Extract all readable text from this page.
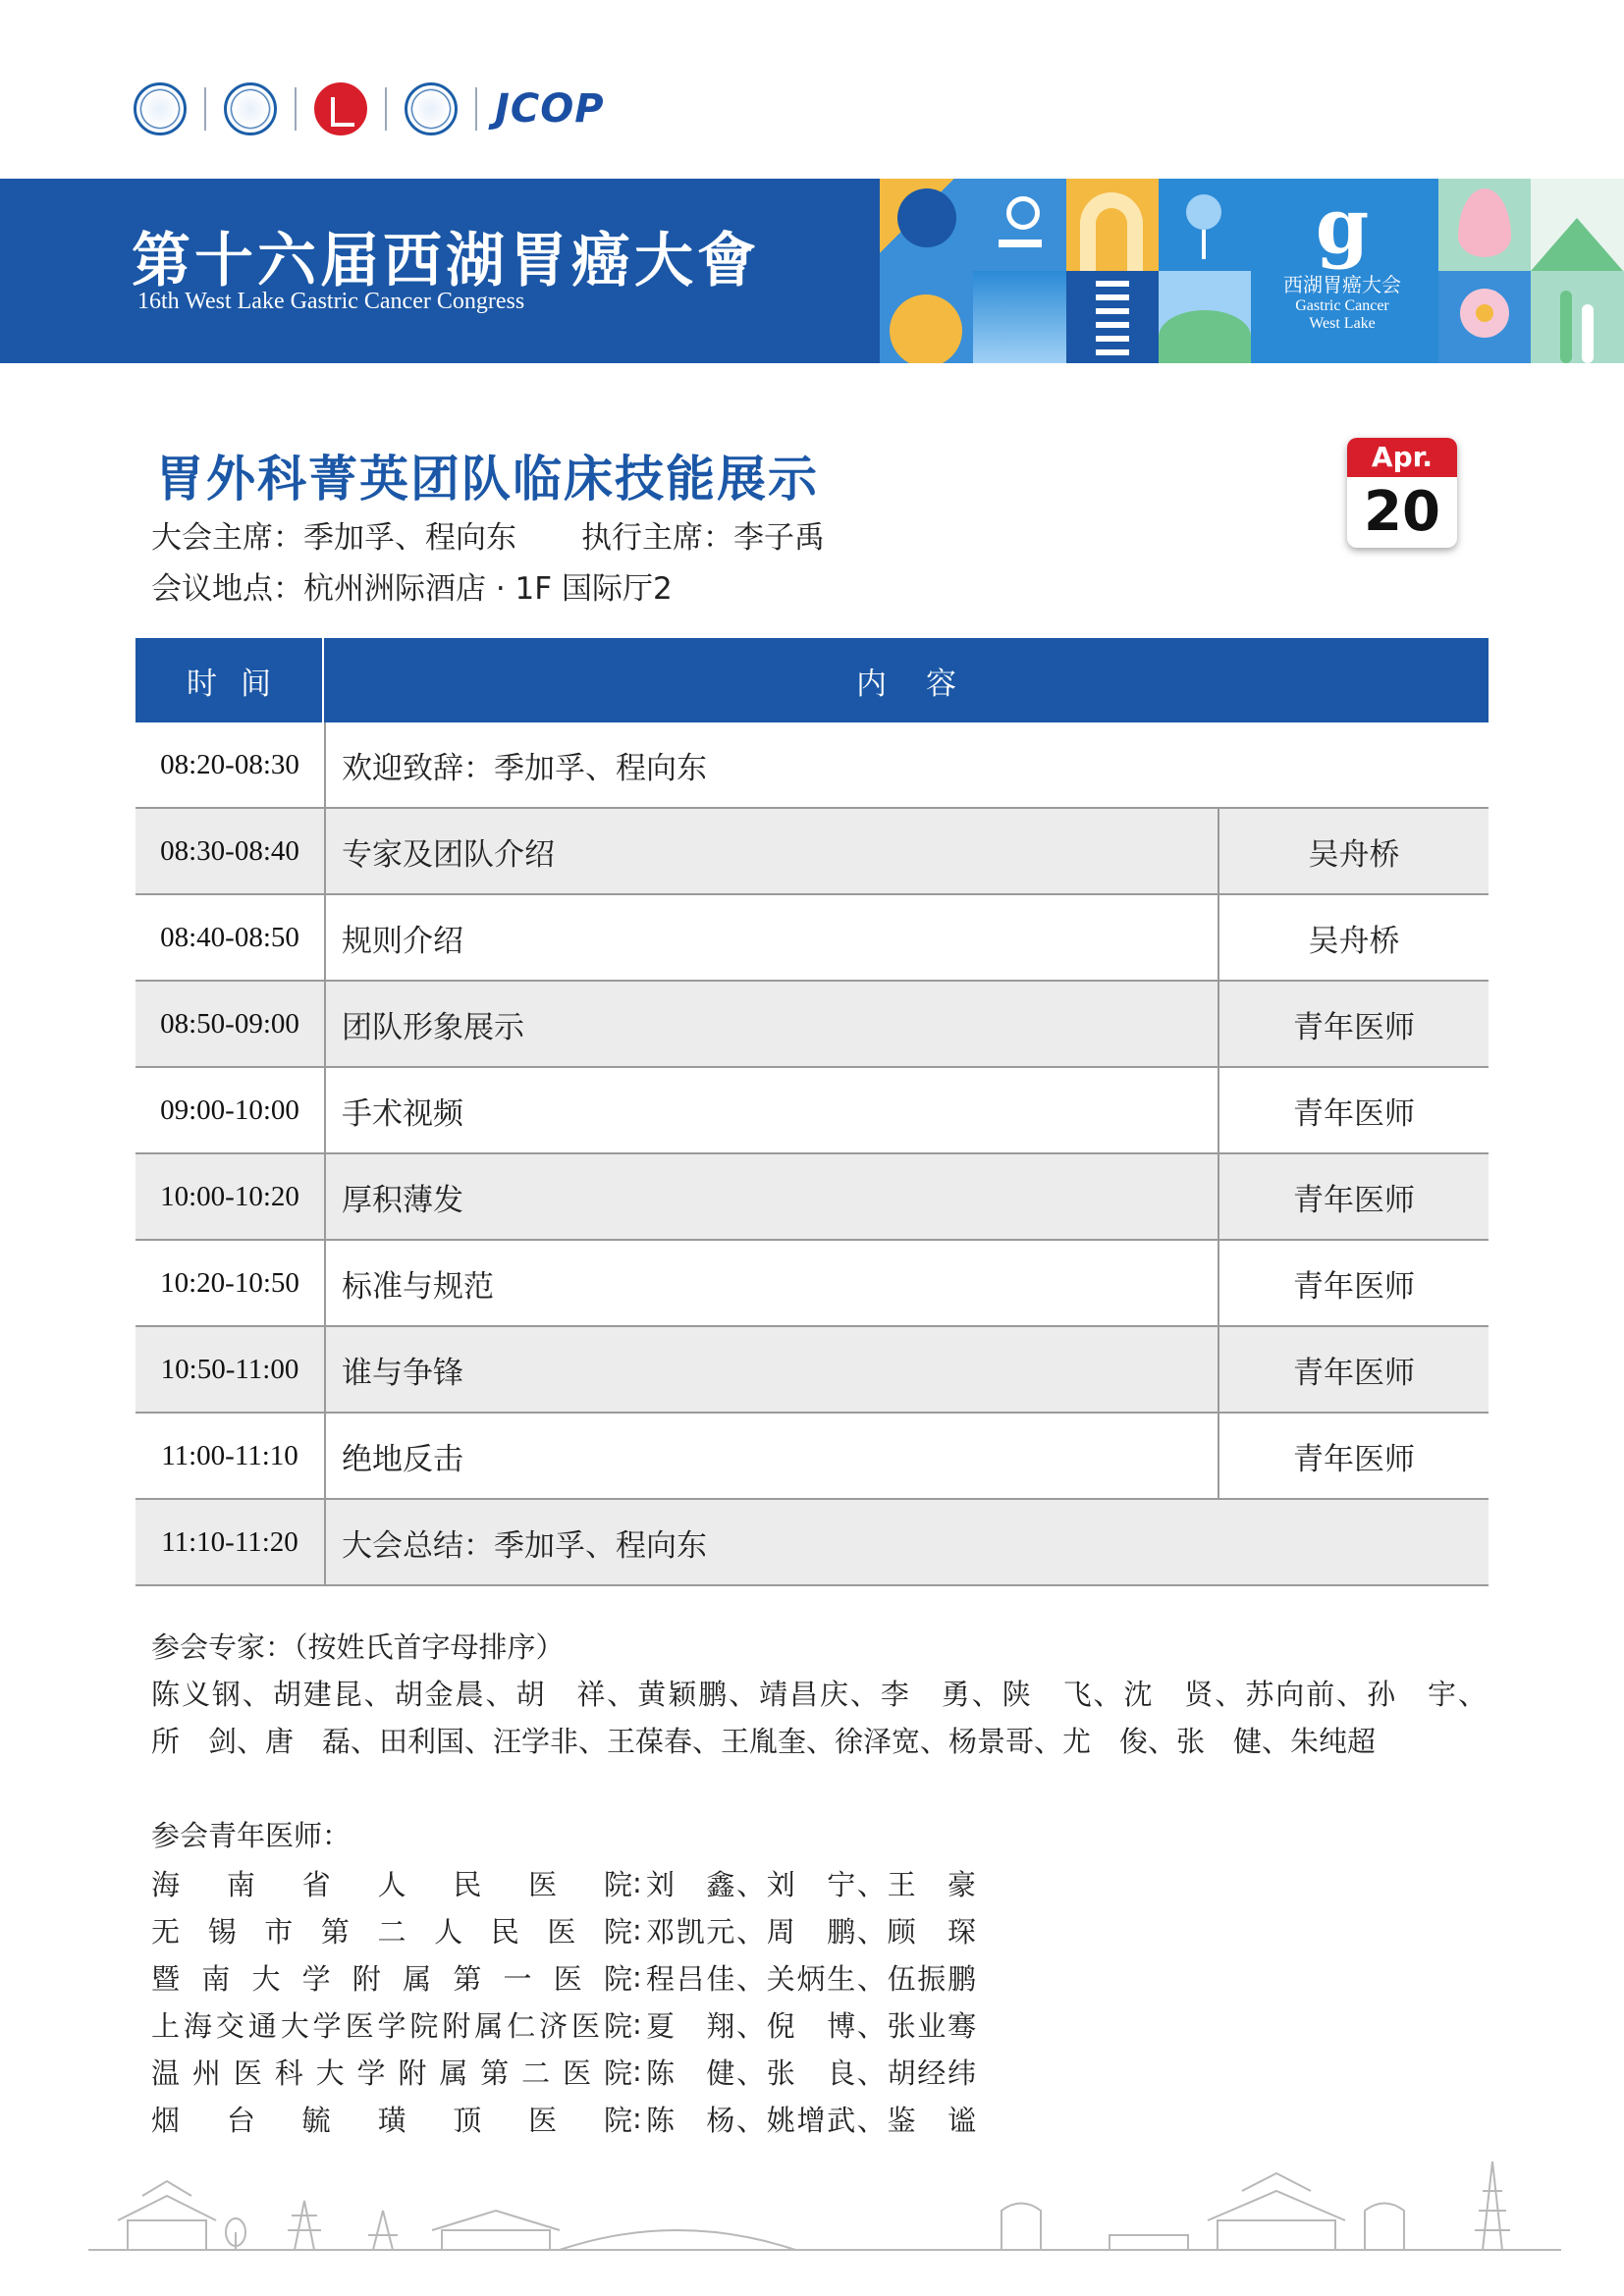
JCOP
第十六届西湖胃癌大會
16th West Lake Gastric Cancer Congress
g
西湖胃癌大会
Gastric Cancer
West Lake
胃外科菁英团队临床技能展示
大会主席：季加孚、程向东 执行主席：李子禹
会议地点：杭州洲际酒店 · 1F 国际厅2
Apr.
20
时间	内容
08:20-08:30	欢迎致辞：季加孚、程向东
08:30-08:40	专家及团队介绍	吴舟桥
08:40-08:50	规则介绍	吴舟桥
08:50-09:00	团队形象展示	青年医师
09:00-10:00	手术视频	青年医师
10:00-10:20	厚积薄发	青年医师
10:20-10:50	标准与规范	青年医师
10:50-11:00	谁与争锋	青年医师
11:00-11:10	绝地反击	青年医师
11:10-11:20	大会总结：季加孚、程向东
参会专家：（按姓氏首字母排序）
陈义钢、胡建昆、胡金晨、胡　祥、黄颖鹏、靖昌庆、李　勇、陕　飞、沈　贤、苏向前、孙　宇、
所　剑、唐　磊、田利国、汪学非、王葆春、王胤奎、徐泽宽、杨景哥、尤　俊、张　健、朱纯超
参会青年医师：
海南省人民医院 : 刘　鑫、刘　宁、王　豪
无锡市第二人民医院 : 邓凯元、周　鹏、顾　琛
暨南大学附属第一医院 : 程吕佳、关炳生、伍振鹏
上海交通大学医学院附属仁济医院 : 夏　翔、倪　博、张业骞
温州医科大学附属第二医院 : 陈　健、张　良、胡经纬
烟台毓璜顶医院 : 陈　杨、姚增武、鉴　谧
